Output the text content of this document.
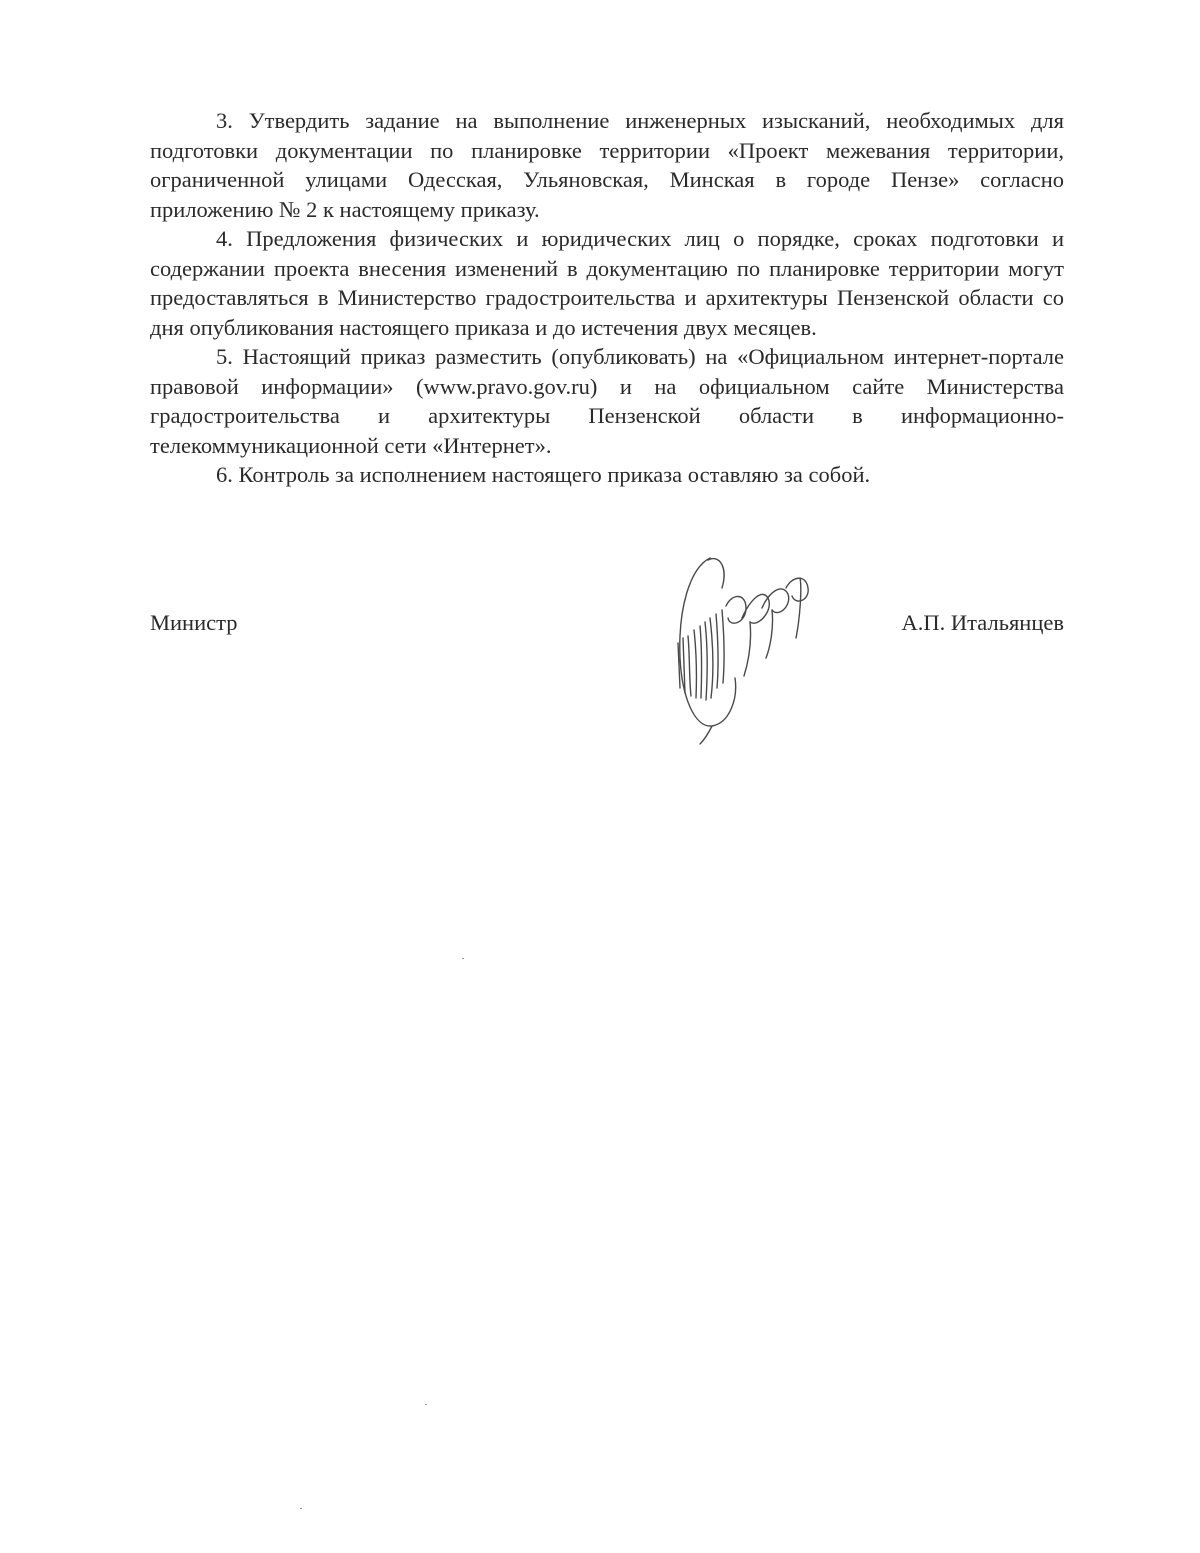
3. Утвердить задание на выполнение инженерных изысканий, необходимых для подготовки документации по планировке территории «Проект межевания территории, ограниченной улицами Одесская, Ульяновская, Минская в городе Пензе» согласно приложению № 2 к настоящему приказу.

4. Предложения физических и юридических лиц о порядке, сроках подготовки и содержании проекта внесения изменений в документацию по планировке территории могут предоставляться в Министерство градостроительства и архитектуры Пензенской области со дня опубликования настоящего приказа и до истечения двух месяцев.

5. Настоящий приказ разместить (опубликовать) на «Официальном интернет-портале правовой информации» (www.pravo.gov.ru) и на официальном сайте Министерства градостроительства и архитектуры Пензенской области в информационно-телекоммуникационной сети «Интернет».

6. Контроль за исполнением настоящего приказа оставляю за собой.

Министр	А.П. Итальянцев
